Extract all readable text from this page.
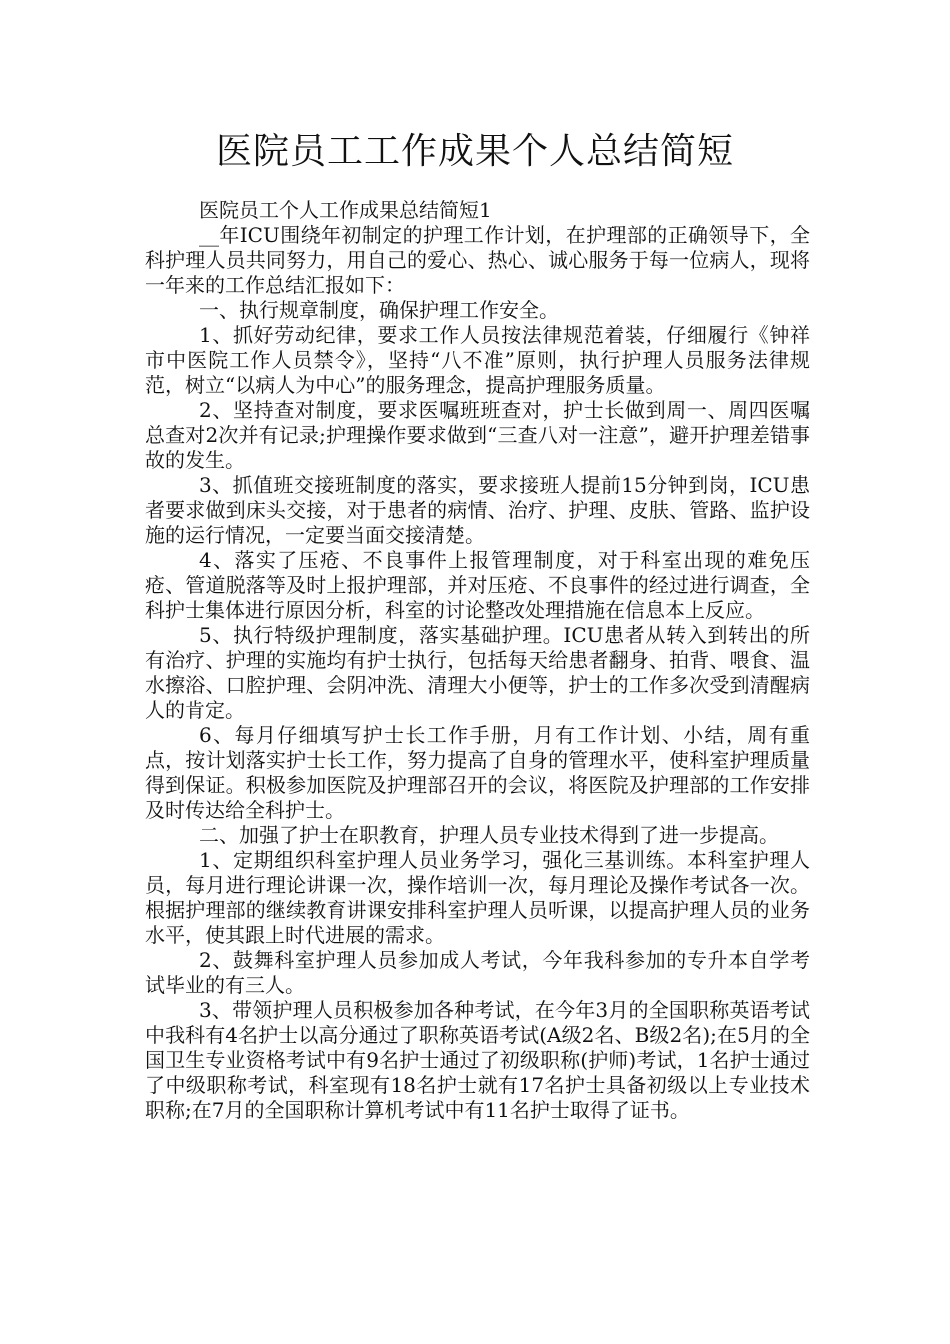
医院员工工作成果个人总结简短

医院员工个人工作成果总结简短1

__年ICU围绕年初制定的护理工作计划，在护理部的正确领导下，全科护理人员共同努力，用自己的爱心、热心、诚心服务于每一位病人，现将一年来的工作总结汇报如下：

一、执行规章制度，确保护理工作安全。

1、抓好劳动纪律，要求工作人员按法律规范着装，仔细履行《钟祥市中医院工作人员禁令》，坚持“八不准”原则，执行护理人员服务法律规范，树立“以病人为中心”的服务理念，提高护理服务质量。

2、坚持查对制度，要求医嘱班班查对，护士长做到周一、周四医嘱总查对2次并有记录;护理操作要求做到“三查八对一注意”，避开护理差错事故的发生。

3、抓值班交接班制度的落实，要求接班人提前15分钟到岗，ICU患者要求做到床头交接，对于患者的病情、治疗、护理、皮肤、管路、监护设施的运行情况，一定要当面交接清楚。

4、落实了压疮、不良事件上报管理制度，对于科室出现的难免压疮、管道脱落等及时上报护理部，并对压疮、不良事件的经过进行调查，全科护士集体进行原因分析，科室的讨论整改处理措施在信息本上反应。

5、执行特级护理制度，落实基础护理。ICU患者从转入到转出的所有治疗、护理的实施均有护士执行，包括每天给患者翻身、拍背、喂食、温水擦浴、口腔护理、会阴冲洗、清理大小便等，护士的工作多次受到清醒病人的肯定。

6、每月仔细填写护士长工作手册，月有工作计划、小结，周有重点，按计划落实护士长工作，努力提高了自身的管理水平，使科室护理质量得到保证。积极参加医院及护理部召开的会议，将医院及护理部的工作安排及时传达给全科护士。

二、加强了护士在职教育，护理人员专业技术得到了进一步提高。

1、定期组织科室护理人员业务学习，强化三基训练。本科室护理人员，每月进行理论讲课一次，操作培训一次，每月理论及操作考试各一次。根据护理部的继续教育讲课安排科室护理人员听课，以提高护理人员的业务水平，使其跟上时代进展的需求。

2、鼓舞科室护理人员参加成人考试，今年我科参加的专升本自学考试毕业的有三人。

3、带领护理人员积极参加各种考试，在今年3月的全国职称英语考试中我科有4名护士以高分通过了职称英语考试(A级2名、B级2名);在5月的全国卫生专业资格考试中有9名护士通过了初级职称(护师)考试，1名护士通过了中级职称考试，科室现有18名护士就有17名护士具备初级以上专业技术职称;在7月的全国职称计算机考试中有11名护士取得了证书。
